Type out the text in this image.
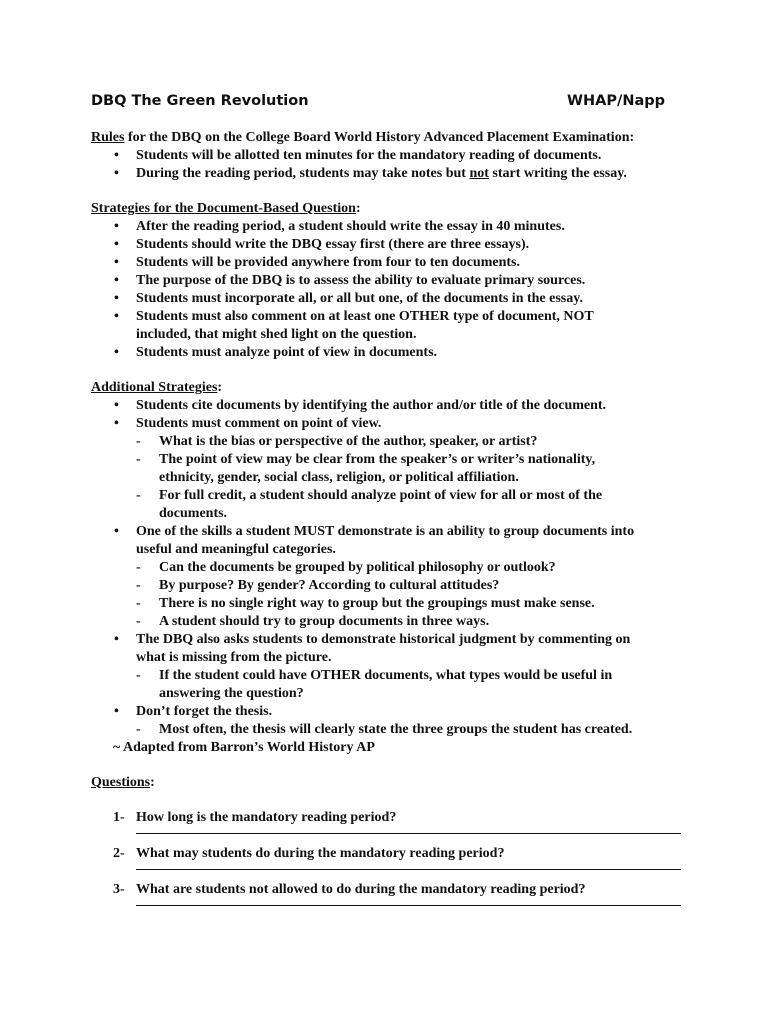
DBQ The Green Revolution	WHAP/Napp
Rules for the DBQ on the College Board World History Advanced Placement Examination:
• Students will be allotted ten minutes for the mandatory reading of documents.
• During the reading period, students may take notes but not start writing the essay.
Strategies for the Document-Based Question:
• After the reading period, a student should write the essay in 40 minutes.
• Students should write the DBQ essay first (there are three essays).
• Students will be provided anywhere from four to ten documents.
• The purpose of the DBQ is to assess the ability to evaluate primary sources.
• Students must incorporate all, or all but one, of the documents in the essay.
• Students must also comment on at least one OTHER type of document, NOT
included, that might shed light on the question.
• Students must analyze point of view in documents.
Additional Strategies:
• Students cite documents by identifying the author and/or title of the document.
• Students must comment on point of view.
- What is the bias or perspective of the author, speaker, or artist?
- The point of view may be clear from the speaker’s or writer’s nationality,
ethnicity, gender, social class, religion, or political affiliation.
- For full credit, a student should analyze point of view for all or most of the
documents.
• One of the skills a student MUST demonstrate is an ability to group documents into
useful and meaningful categories.
- Can the documents be grouped by political philosophy or outlook?
- By purpose? By gender? According to cultural attitudes?
- There is no single right way to group but the groupings must make sense.
- A student should try to group documents in three ways.
• The DBQ also asks students to demonstrate historical judgment by commenting on
what is missing from the picture.
- If the student could have OTHER documents, what types would be useful in
answering the question?
• Don’t forget the thesis.
- Most often, the thesis will clearly state the three groups the student has created.
~ Adapted from Barron’s World History AP
Questions:
1- How long is the mandatory reading period?
2- What may students do during the mandatory reading period?
3- What are students not allowed to do during the mandatory reading period?
